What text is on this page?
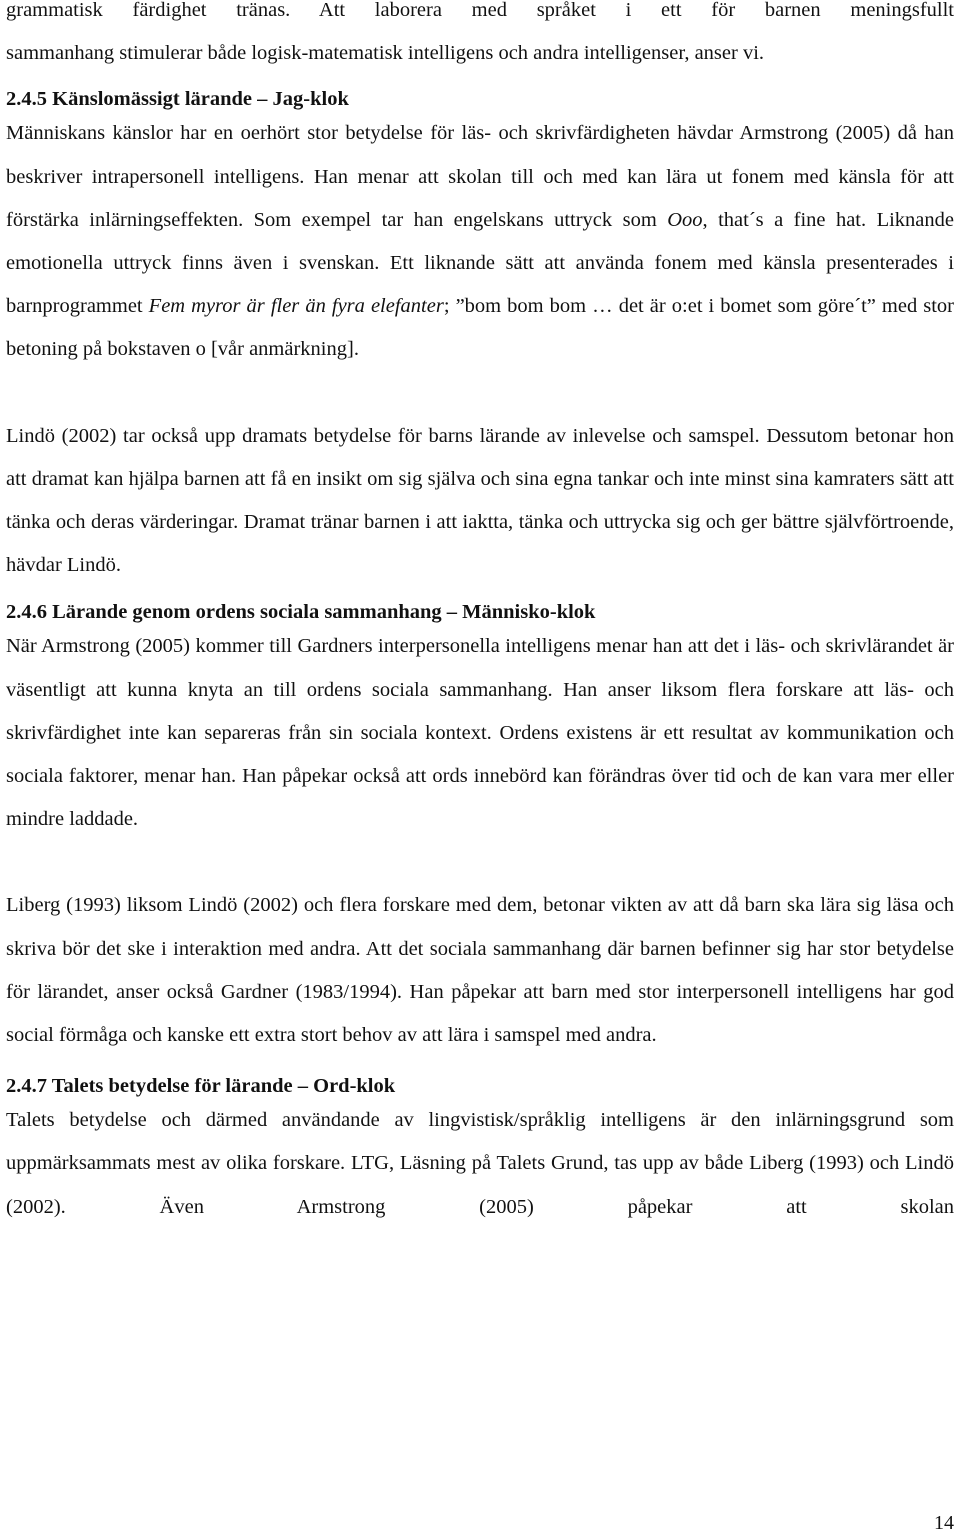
grammatisk färdighet tränas. Att laborera med språket i ett för barnen meningsfullt

sammanhang stimulerar både logisk-matematisk intelligens och andra intelligenser, anser vi.

2.4.5 Känslomässigt lärande – Jag-klok

Människans känslor har en oerhört stor betydelse för läs- och skrivfärdigheten hävdar Armstrong (2005) då han beskriver intrapersonell intelligens. Han menar att skolan till och med kan lära ut fonem med känsla för att förstärka inlärningseffekten. Som exempel tar han engelskans uttryck som Ooo, that´s a fine hat. Liknande emotionella uttryck finns även i svenskan. Ett liknande sätt att använda fonem med känsla presenterades i barnprogrammet Fem myror är fler än fyra elefanter; ”bom bom bom … det är o:et i bomet som göre´t” med stor betoning på bokstaven o [vår anmärkning].

Lindö (2002) tar också upp dramats betydelse för barns lärande av inlevelse och samspel. Dessutom betonar hon att dramat kan hjälpa barnen att få en insikt om sig själva och sina egna tankar och inte minst sina kamraters sätt att tänka och deras värderingar. Dramat tränar barnen i att iaktta, tänka och uttrycka sig och ger bättre självförtroende, hävdar Lindö.

2.4.6 Lärande genom ordens sociala sammanhang – Människo-klok

När Armstrong (2005) kommer till Gardners interpersonella intelligens menar han att det i läs- och skrivlärandet är väsentligt att kunna knyta an till ordens sociala sammanhang. Han anser liksom flera forskare att läs- och skrivfärdighet inte kan separeras från sin sociala kontext. Ordens existens är ett resultat av kommunikation och sociala faktorer, menar han. Han påpekar också att ords innebörd kan förändras över tid och de kan vara mer eller mindre laddade.

Liberg (1993) liksom Lindö (2002) och flera forskare med dem, betonar vikten av att då barn ska lära sig läsa och skriva bör det ske i interaktion med andra. Att det sociala sammanhang där barnen befinner sig har stor betydelse för lärandet, anser också Gardner (1983/1994). Han påpekar att barn med stor interpersonell intelligens har god social förmåga och kanske ett extra stort behov av att lära i samspel med andra.

2.4.7 Talets betydelse för lärande – Ord-klok

Talets betydelse och därmed användande av lingvistisk/språklig intelligens är den inlärningsgrund som uppmärksammats mest av olika forskare. LTG, Läsning på Talets Grund, tas upp av både Liberg (1993) och Lindö (2002). Även Armstrong (2005) påpekar att skolan

14
